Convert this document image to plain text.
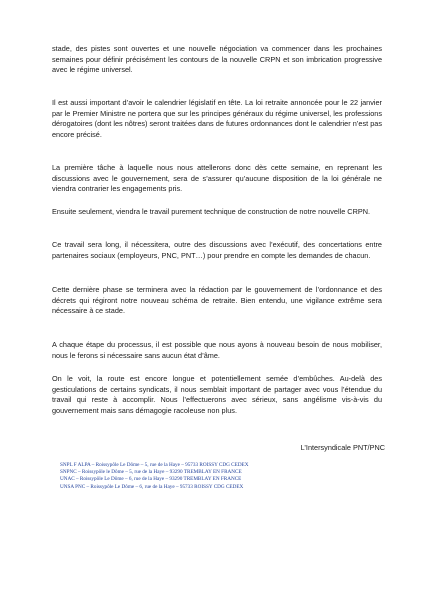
stade, des pistes sont ouvertes et une nouvelle négociation va commencer dans les prochaines semaines pour définir précisément les contours de la nouvelle CRPN et son imbrication progressive avec le régime universel.

Il est aussi important d’avoir le calendrier législatif en tête. La loi retraite annoncée pour le 22 janvier par le Premier Ministre ne portera que sur les principes généraux du régime universel, les professions dérogatoires (dont les nôtres) seront traitées dans de futures ordonnances dont le calendrier n’est pas encore précisé.

La première tâche à laquelle nous nous attellerons donc dès cette semaine, en reprenant les discussions avec le gouvernement, sera de s’assurer qu’aucune disposition de la loi générale ne viendra contrarier les engagements pris.

Ensuite seulement, viendra le travail purement technique de construction de notre nouvelle CRPN.

Ce travail sera long, il nécessitera, outre des discussions avec l’exécutif, des concertations entre partenaires sociaux (employeurs, PNC, PNT…) pour prendre en compte les demandes de chacun.

Cette dernière phase se terminera avec la rédaction par le gouvernement de l’ordonnance et des décrets qui régiront notre nouveau schéma de retraite. Bien entendu, une vigilance extrême sera nécessaire à ce stade.

A chaque étape du processus, il est possible que nous ayons à nouveau besoin de nous mobiliser, nous le ferons si nécessaire sans aucun état d’âme.

On le voit, la route est encore longue et potentiellement semée d’embûches. Au-delà des gesticulations de certains syndicats, il nous semblait important de partager avec vous l’étendue du travail qui reste à accomplir. Nous l’effectuerons avec sérieux, sans angélisme vis-à-vis du gouvernement mais sans démagogie racoleuse non plus.

L’Intersyndicale PNT/PNC

SNPL F ALPA – Roissypôle Le Dôme – 5, rue de la Haye – 95733 ROISSY CDG CEDEX
SNPNC – Roissypôle le Dôme – 5, rue de la Haye – 93290 TREMBLAY EN FRANCE
UNAC – Roissypôle Le Dôme – 6, rue de la Haye – 93290 TREMBLAY EN FRANCE
UNSA PNC – Roissypôle Le Dôme – 6, rue de la Haye – 95733 ROISSY CDG CEDEX
